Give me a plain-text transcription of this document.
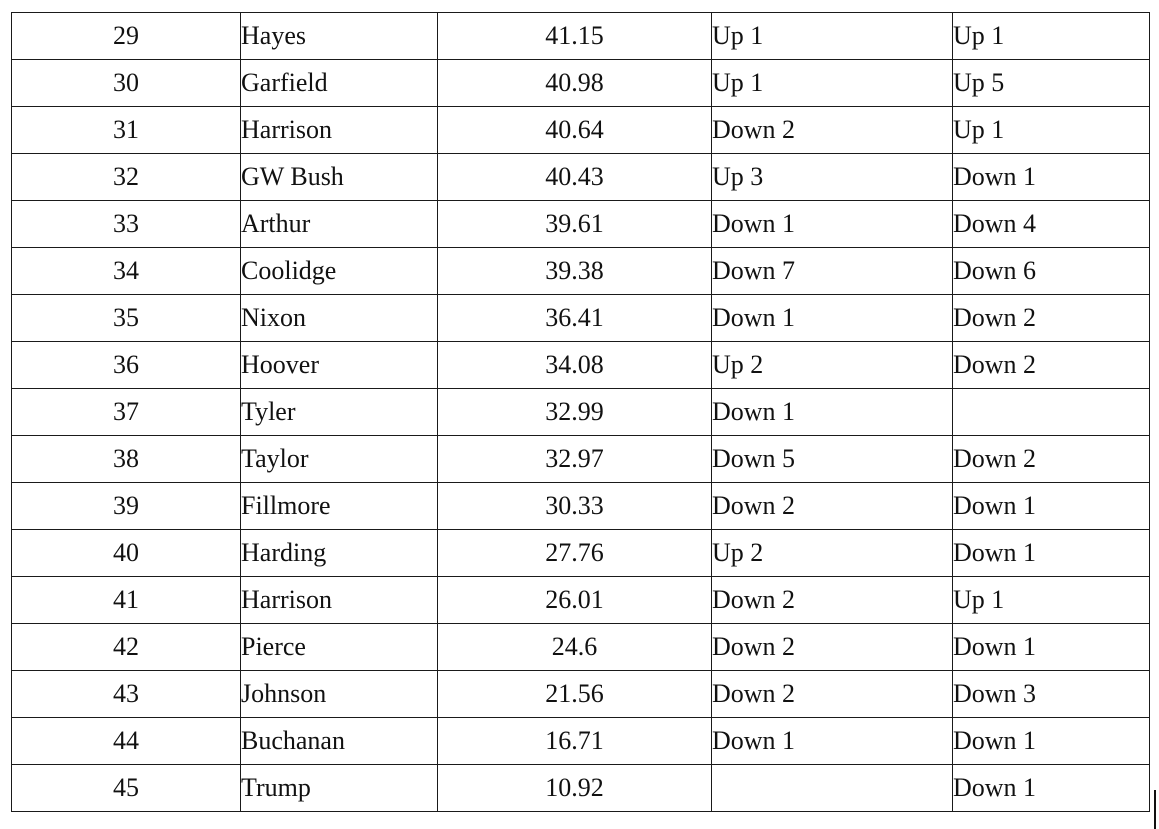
29	Hayes	41.15	Up 1	Up 1
30	Garfield	40.98	Up 1	Up 5
31	Harrison	40.64	Down 2	Up 1
32	GW Bush	40.43	Up 3	Down 1
33	Arthur	39.61	Down 1	Down 4
34	Coolidge	39.38	Down 7	Down 6
35	Nixon	36.41	Down 1	Down 2
36	Hoover	34.08	Up 2	Down 2
37	Tyler	32.99	Down 1	
38	Taylor	32.97	Down 5	Down 2
39	Fillmore	30.33	Down 2	Down 1
40	Harding	27.76	Up 2	Down 1
41	Harrison	26.01	Down 2	Up 1
42	Pierce	24.6	Down 2	Down 1
43	Johnson	21.56	Down 2	Down 3
44	Buchanan	16.71	Down 1	Down 1
45	Trump	10.92		Down 1
